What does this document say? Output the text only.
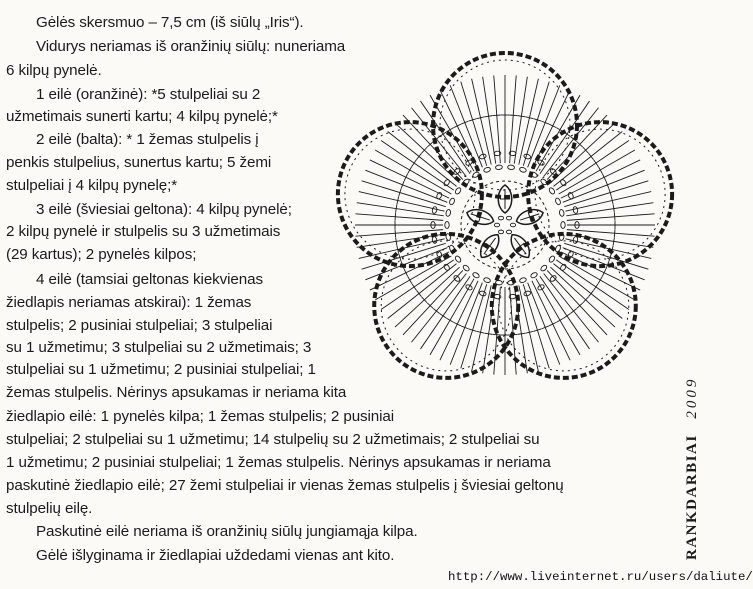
Gėlės skersmuo – 7,5 cm (iš siūlų „Iris“).
Vidurys neriamas iš oranžinių siūlų: nuneriama
6 kilpų pynelė.
1 eilė (oranžinė): *5 stulpeliai su 2
užmetimais sunerti kartu; 4 kilpų pynelė;*
2 eilė (balta): * 1 žemas stulpelis į
penkis stulpelius, sunertus kartu; 5 žemi
stulpeliai į 4 kilpų pynelę;*
3 eilė (šviesiai geltona): 4 kilpų pynelė;
2 kilpų pynelė ir stulpelis su 3 užmetimais
(29 kartus); 2 pynelės kilpos;
4 eilė (tamsiai geltonas kiekvienas
žiedlapis neriamas atskirai): 1 žemas
stulpelis; 2 pusiniai stulpeliai; 3 stulpeliai
su 1 užmetimu; 3 stulpeliai su 2 užmetimais; 3
stulpeliai su 1 užmetimu; 2 pusiniai stulpeliai; 1
žemas stulpelis. Nėrinys apsukamas ir neriama kita
žiedlapio eilė: 1 pynelės kilpa; 1 žemas stulpelis; 2 pusiniai
stulpeliai; 2 stulpeliai su 1 užmetimu; 14 stulpelių su 2 užmetimais; 2 stulpeliai su
1 užmetimu; 2 pusiniai stulpeliai; 1 žemas stulpelis. Nėrinys apsukamas ir neriama
paskutinė žiedlapio eilė; 27 žemi stulpeliai ir vienas žemas stulpelis į šviesiai geltonų
stulpelių eilę.
Paskutinė eilė neriama iš oranžinių siūlų jungiamąja kilpa.
Gėlė išlyginama ir žiedlapiai uždedami vienas ant kito.	RANKDARBIAI   2009
http://www.liveinternet.ru/users/daliute/
